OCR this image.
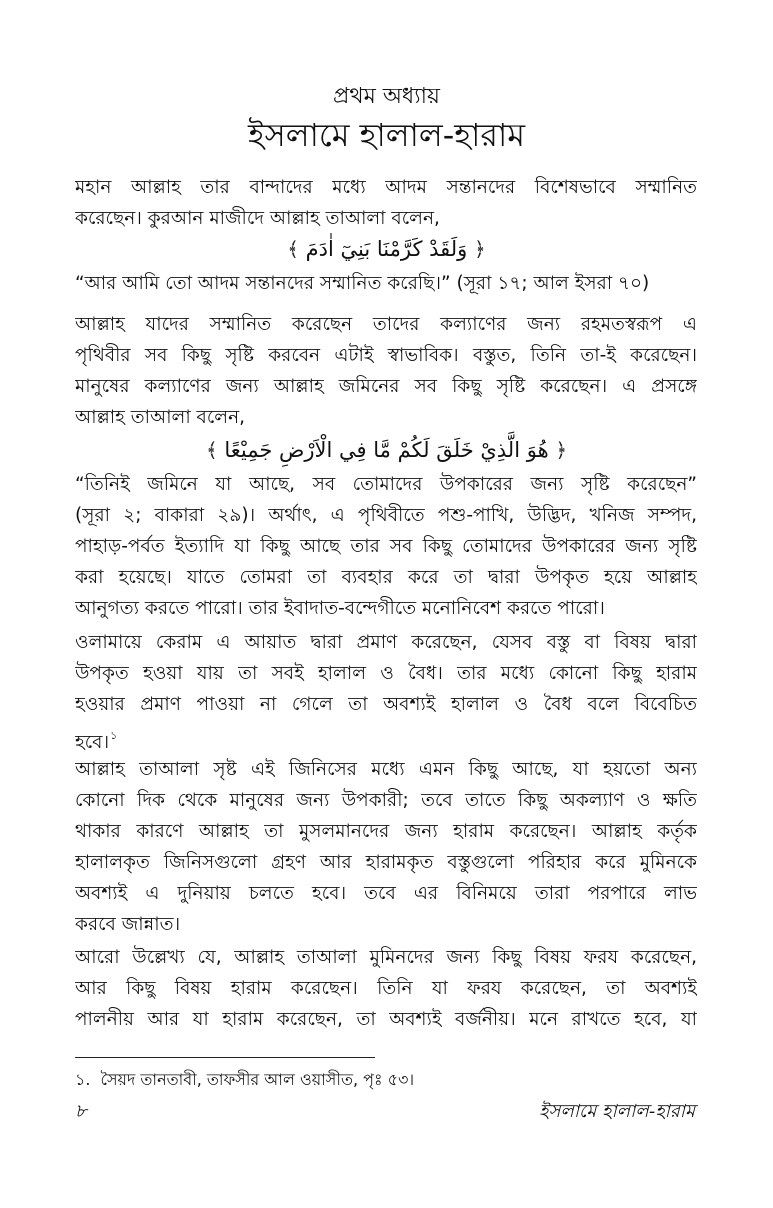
প্রথম অধ্যায়
ইসলামে হালাল-হারাম
মহান আল্লাহ তার বান্দাদের মধ্যে আদম সন্তানদের বিশেষভাবে সম্মানিত
করেছেন। কুরআন মাজীদে আল্লাহ তাআলা বলেন,
﴿ وَلَقَدْ كَرَّمْنَا بَنِيٓ اٰدَمَ ﴾
“আর আমি তো আদম সন্তানদের সম্মানিত করেছি।” (সূরা ১৭; আল ইসরা ৭০)
আল্লাহ যাদের সম্মানিত করেছেন তাদের কল্যাণের জন্য রহমতস্বরূপ এ
পৃথিবীর সব কিছু সৃষ্টি করবেন এটাই স্বাভাবিক। বস্তুত, তিনি তা-ই করেছেন।
মানুষের কল্যাণের জন্য আল্লাহ জমিনের সব কিছু সৃষ্টি করেছেন। এ প্রসঙ্গে
আল্লাহ তাআলা বলেন,
﴿ هُوَ الَّذِيْ خَلَقَ لَكُمْ مَّا فِي الْاَرْضِ جَمِيْعًا ﴾
“তিনিই জমিনে যা আছে, সব তোমাদের উপকারের জন্য সৃষ্টি করেছেন”
(সূরা ২; বাকারা ২৯)। অর্থাৎ, এ পৃথিবীতে পশু-পাখি, উদ্ভিদ, খনিজ সম্পদ,
পাহাড়-পর্বত ইত্যাদি যা কিছু আছে তার সব কিছু তোমাদের উপকারের জন্য সৃষ্টি
করা হয়েছে। যাতে তোমরা তা ব্যবহার করে তা দ্বারা উপকৃত হয়ে আল্লাহ
আনুগত্য করতে পারো। তার ইবাদাত-বন্দেগীতে মনোনিবেশ করতে পারো।
ওলামায়ে কেরাম এ আয়াত দ্বারা প্রমাণ করেছেন, যেসব বস্তু বা বিষয় দ্বারা
উপকৃত হওয়া যায় তা সবই হালাল ও বৈধ। তার মধ্যে কোনো কিছু হারাম
হওয়ার প্রমাণ পাওয়া না গেলে তা অবশ্যই হালাল ও বৈধ বলে বিবেচিত
হবে।$^১$
আল্লাহ তাআলা সৃষ্ট এই জিনিসের মধ্যে এমন কিছু আছে, যা হয়তো অন্য
কোনো দিক থেকে মানুষের জন্য উপকারী; তবে তাতে কিছু অকল্যাণ ও ক্ষতি
থাকার কারণে আল্লাহ তা মুসলমানদের জন্য হারাম করেছেন। আল্লাহ কর্তৃক
হালালকৃত জিনিসগুলো গ্রহণ আর হারামকৃত বস্তুগুলো পরিহার করে মুমিনকে
অবশ্যই এ দুনিয়ায় চলতে হবে। তবে এর বিনিময়ে তারা পরপারে লাভ
করবে জান্নাত।
আরো উল্লেখ্য যে, আল্লাহ তাআলা মুমিনদের জন্য কিছু বিষয় ফরয করেছেন,
আর কিছু বিষয় হারাম করেছেন। তিনি যা ফরয করেছেন, তা অবশ্যই
পালনীয় আর যা হারাম করেছেন, তা অবশ্যই বর্জনীয়। মনে রাখতে হবে, যা
১. সৈয়দ তানতাবী, তাফসীর আল ওয়াসীত, পৃঃ ৫৩।
৮	ইসলামে হালাল-হারাম
